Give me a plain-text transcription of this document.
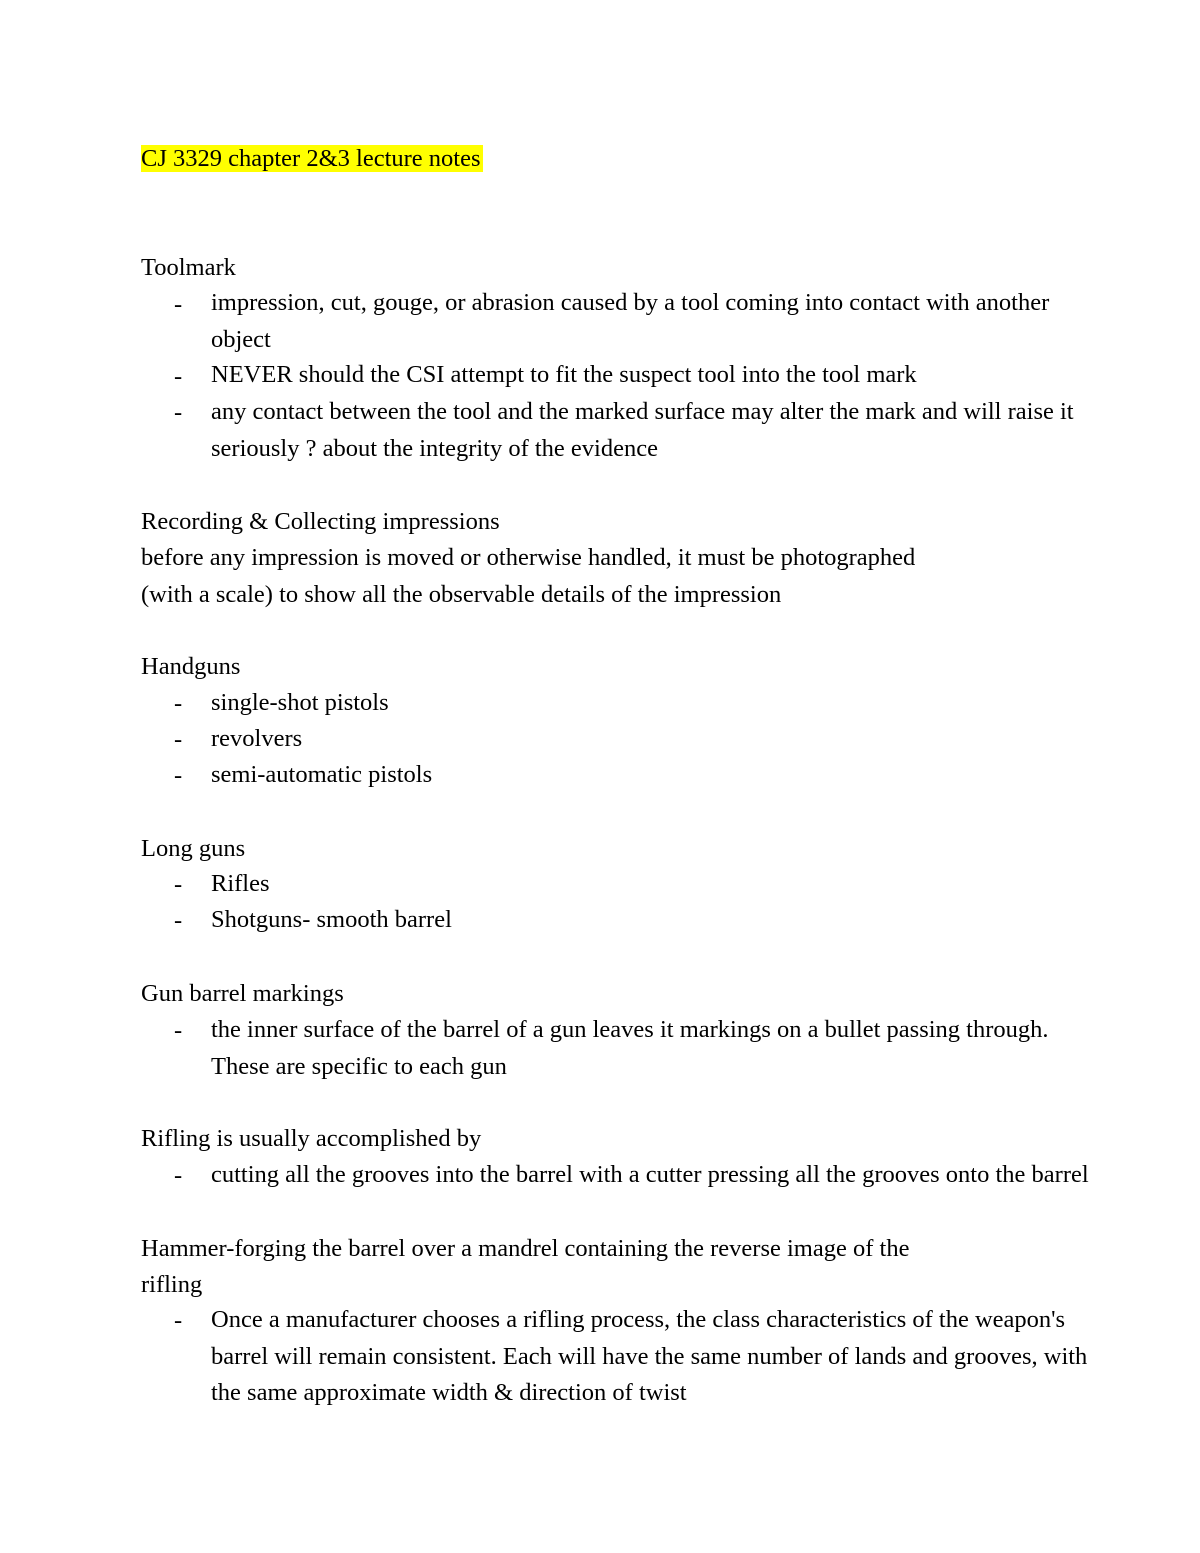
CJ 3329 chapter 2&3 lecture notes
Toolmark
- impression, cut, gouge, or abrasion caused by a tool coming into contact with another object
- NEVER should the CSI attempt to fit the suspect tool into the tool mark
- any contact between the tool and the marked surface may alter the mark and will raise it seriously ? about the integrity of the evidence
Recording & Collecting impressions
before any impression is moved or otherwise handled, it must be photographed
(with a scale) to show all the observable details of the impression
Handguns
- single-shot pistols
- revolvers
- semi-automatic pistols
Long guns
- Rifles
- Shotguns- smooth barrel
Gun barrel markings
- the inner surface of the barrel of a gun leaves it markings on a bullet passing through. These are specific to each gun
Rifling is usually accomplished by
- cutting all the grooves into the barrel with a cutter pressing all the grooves onto the barrel
Hammer-forging the barrel over a mandrel containing the reverse image of the
rifling
- Once a manufacturer chooses a rifling process, the class characteristics of the weapon's barrel will remain consistent. Each will have the same number of lands and grooves, with the same approximate width & direction of twist
